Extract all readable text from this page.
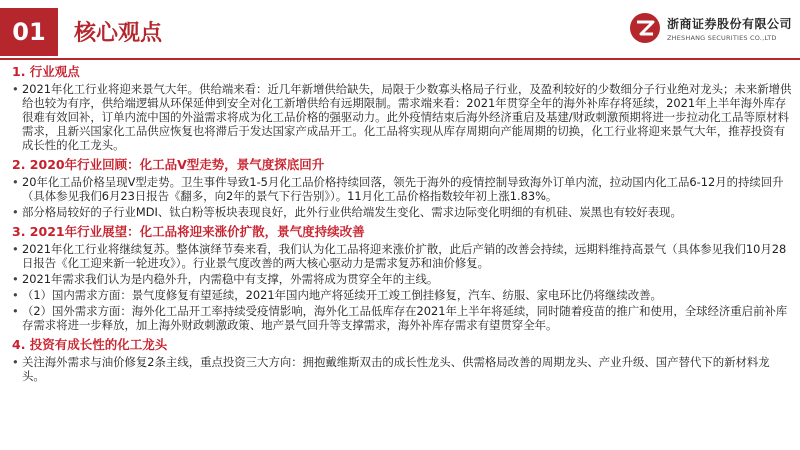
01 核心观点	浙商证券股份有限公司
ZHESHANG SECURITIES CO.,LTD
1. 行业观点
• 2021年化工行业将迎来景气大年。供给端来看：近几年新增供给缺失，局限于少数寡头格局子行业，及盈利较好的少数细分子行业绝对龙头；未来新增供给也较为有序，供给端逻辑从环保延伸到安全对化工新增供给有远期限制。需求端来看：2021年贯穿全年的海外补库存将延续，2021年上半年海外库存很难有效回补，订单内流中国的外溢需求将成为化工品价格的强驱动力。此外疫情结束后海外经济重启及基建/财政刺激预期将进一步拉动化工品等原材料需求，且新兴国家化工品供应恢复也将滞后于发达国家产成品开工。化工品将实现从库存周期向产能周期的切换，化工行业将迎来景气大年，推荐投资有成长性的化工龙头。
2. 2020年行业回顾：化工品V型走势，景气度探底回升
• 20年化工品价格呈现V型走势。卫生事件导致1-5月化工品价格持续回落，领先于海外的疫情控制导致海外订单内流，拉动国内化工品6-12月的持续回升（具体参见我们6月23日报告《翻多，向2年的景气下行告别》）。11月化工品价格指数较年初上涨1.83%。
• 部分格局较好的子行业MDI、钛白粉等板块表现良好，此外行业供给端发生变化、需求边际变化明细的有机硅、炭黑也有较好表现。
3. 2021年行业展望：化工品将迎来涨价扩散，景气度持续改善
• 2021年化工行业将继续复苏。整体演绎节奏来看，我们认为化工品将迎来涨价扩散，此后产销的改善会持续，远期料维持高景气（具体参见我们10月28日报告《化工迎来新一轮进攻》）。行业景气度改善的两大核心驱动力是需求复苏和油价修复。
• 2021年需求我们认为是内稳外升，内需稳中有支撑，外需将成为贯穿全年的主线。
• （1）国内需求方面：景气度修复有望延续，2021年国内地产将延续开工竣工倒挂修复，汽车、纺服、家电环比仍将继续改善。
• （2）国外需求方面：海外化工品开工率持续受疫情影响，海外化工品低库存在2021年上半年将延续，同时随着疫苗的推广和使用，全球经济重启前补库存需求将进一步释放，加上海外财政刺激政策、地产景气回升等支撑需求，海外补库存需求有望贯穿全年。
4. 投资有成长性的化工龙头
• 关注海外需求与油价修复2条主线，重点投资三大方向：拥抱戴维斯双击的成长性龙头、供需格局改善的周期龙头、产业升级、国产替代下的新材料龙头。
